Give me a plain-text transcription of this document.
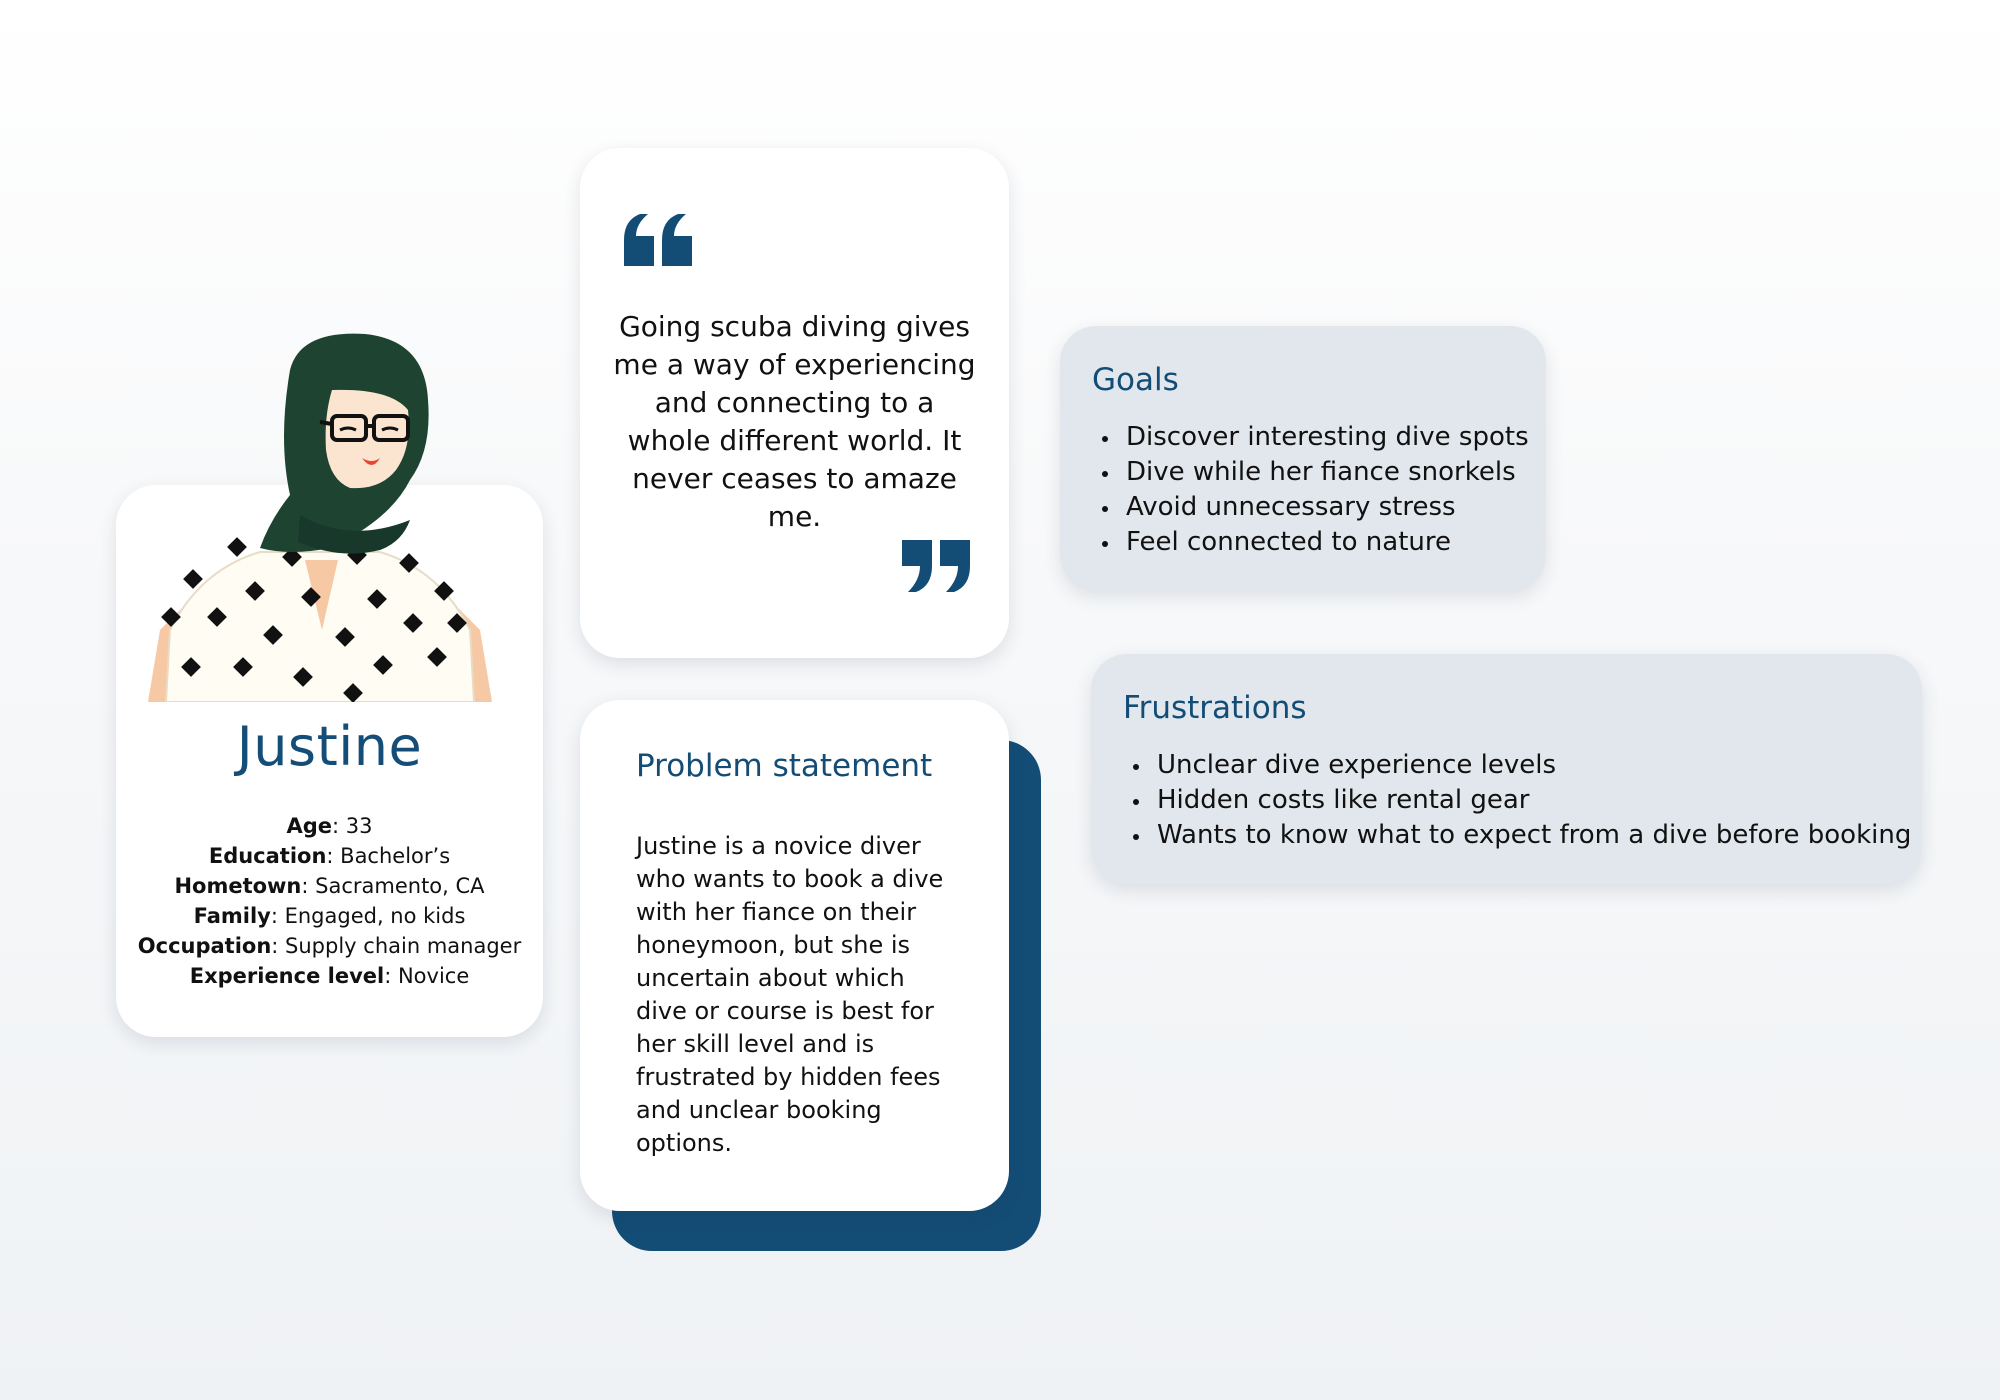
Justine
Age: 33
Education: Bachelor’s
Hometown: Sacramento, CA
Family: Engaged, no kids
Occupation: Supply chain manager
Experience level: Novice
Going scuba diving gives me a way of experiencing and connecting to a whole different world. It never ceases to amaze me.
Problem statement
Justine is a novice diver who wants to book a dive with her fiance on their honeymoon, but she is uncertain about which dive or course is best for her skill level and is frustrated by hidden fees and unclear booking options.
Goals
Discover interesting dive spots
Dive while her fiance snorkels
Avoid unnecessary stress
Feel connected to nature
Frustrations
Unclear dive experience levels
Hidden costs like rental gear
Wants to know what to expect from a dive before booking
